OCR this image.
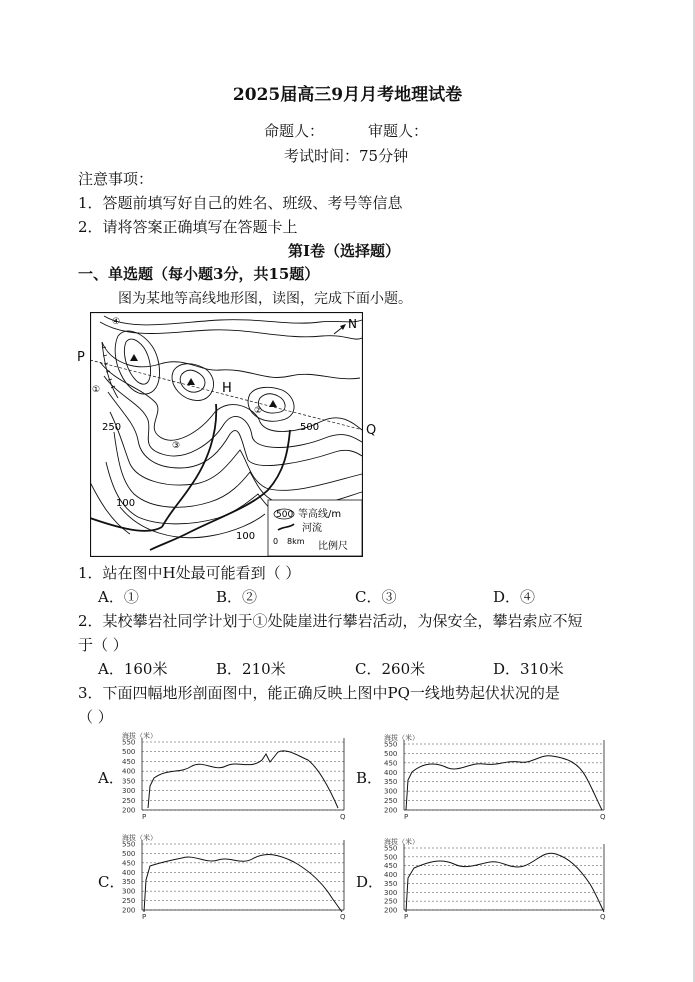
2025届高三9月月考地理试卷
命题人：	审题人：
考试时间：75分钟
注意事项：
1．答题前填写好自己的姓名、班级、考号等信息
2．请将答案正确填写在答题卡上
第Ⅰ卷（选择题）
一、单选题（每小题3分，共15题）
图为某地等高线地形图，读图，完成下面小题。
N
④
①
②
③
H
250	500
100
100
500 等高线/m
河流
0 8km 比例尺
P
Q
1．站在图中H处最可能看到（ ）
A．①	B．②	C．③	D．④
2．某校攀岩社同学计划于①处陡崖进行攀岩活动，为保安全，攀岩索应不短
于（ ）
A．160米	B．210米	C．260米	D．310米
3．下面四幅地形剖面图中，能正确反映上图中PQ一线地势起伏状况的是
（ ）
A．	B．
C．	D．
海拔（米）
550
500
450
400
350
300
250
200
P	Q
海拔（米）
550
500
450
400
350
300
250
200
P	Q
海拔（米）
550
500
450
400
350
300
250
200
P	Q
海拔（米）
550
500
450
400
350
300
250
200
P	Q
